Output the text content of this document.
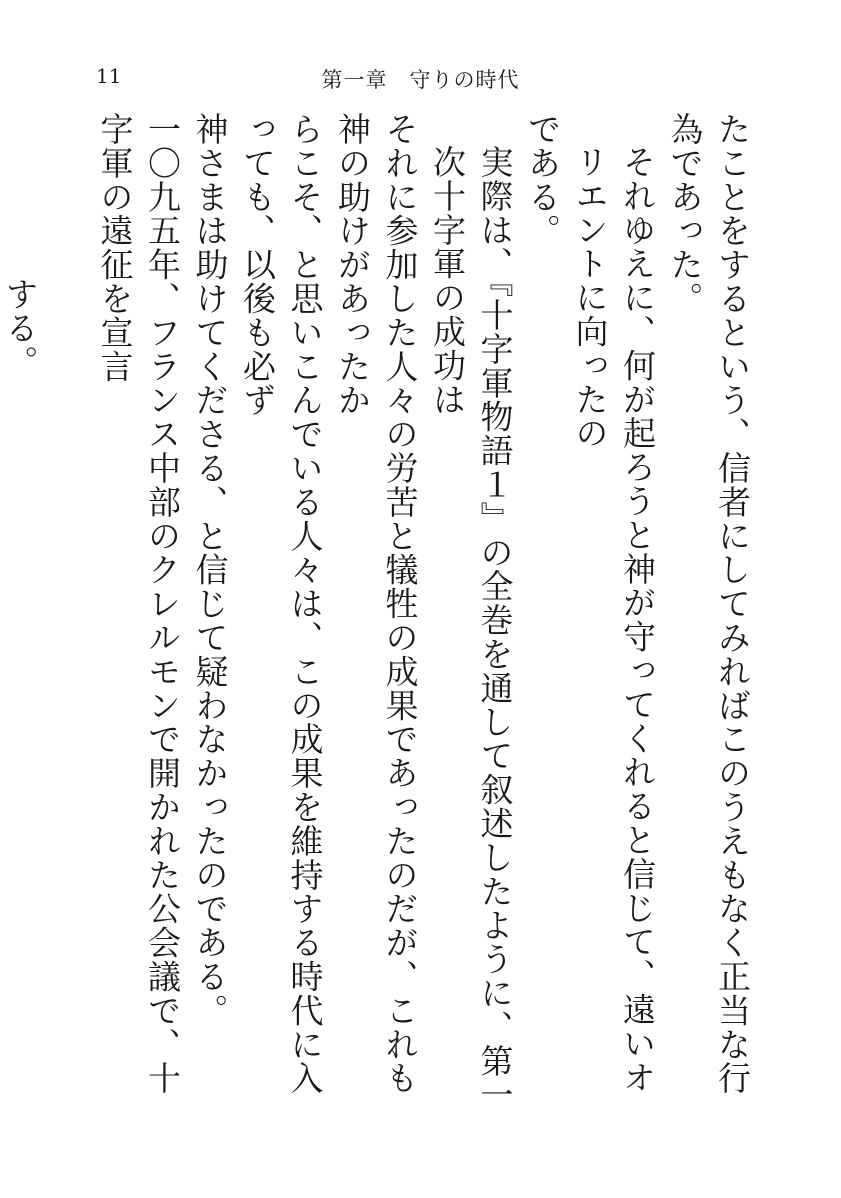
11	第一章　守りの時代

たことをするという、信者にしてみればこのうえもなく正当な行為であった。

それゆえに、何が起ろうと神が守ってくれると信じて、遠いオリエントに向ったの

である。

実際は、『十字軍物語１』の全巻を通して叙述したように、第一次十字軍の成功は

それに参加した人々の労苦と犠牲の成果であったのだが、これも神の助けがあったか

らこそ、と思いこんでいる人々は、この成果を維持する時代に入っても、以後も必ず

神さまは助けてくださる、と信じて疑わなかったのである。

一〇九五年、フランス中部のクレルモンで開かれた公会議で、十字軍の遠征を宣言

する。
